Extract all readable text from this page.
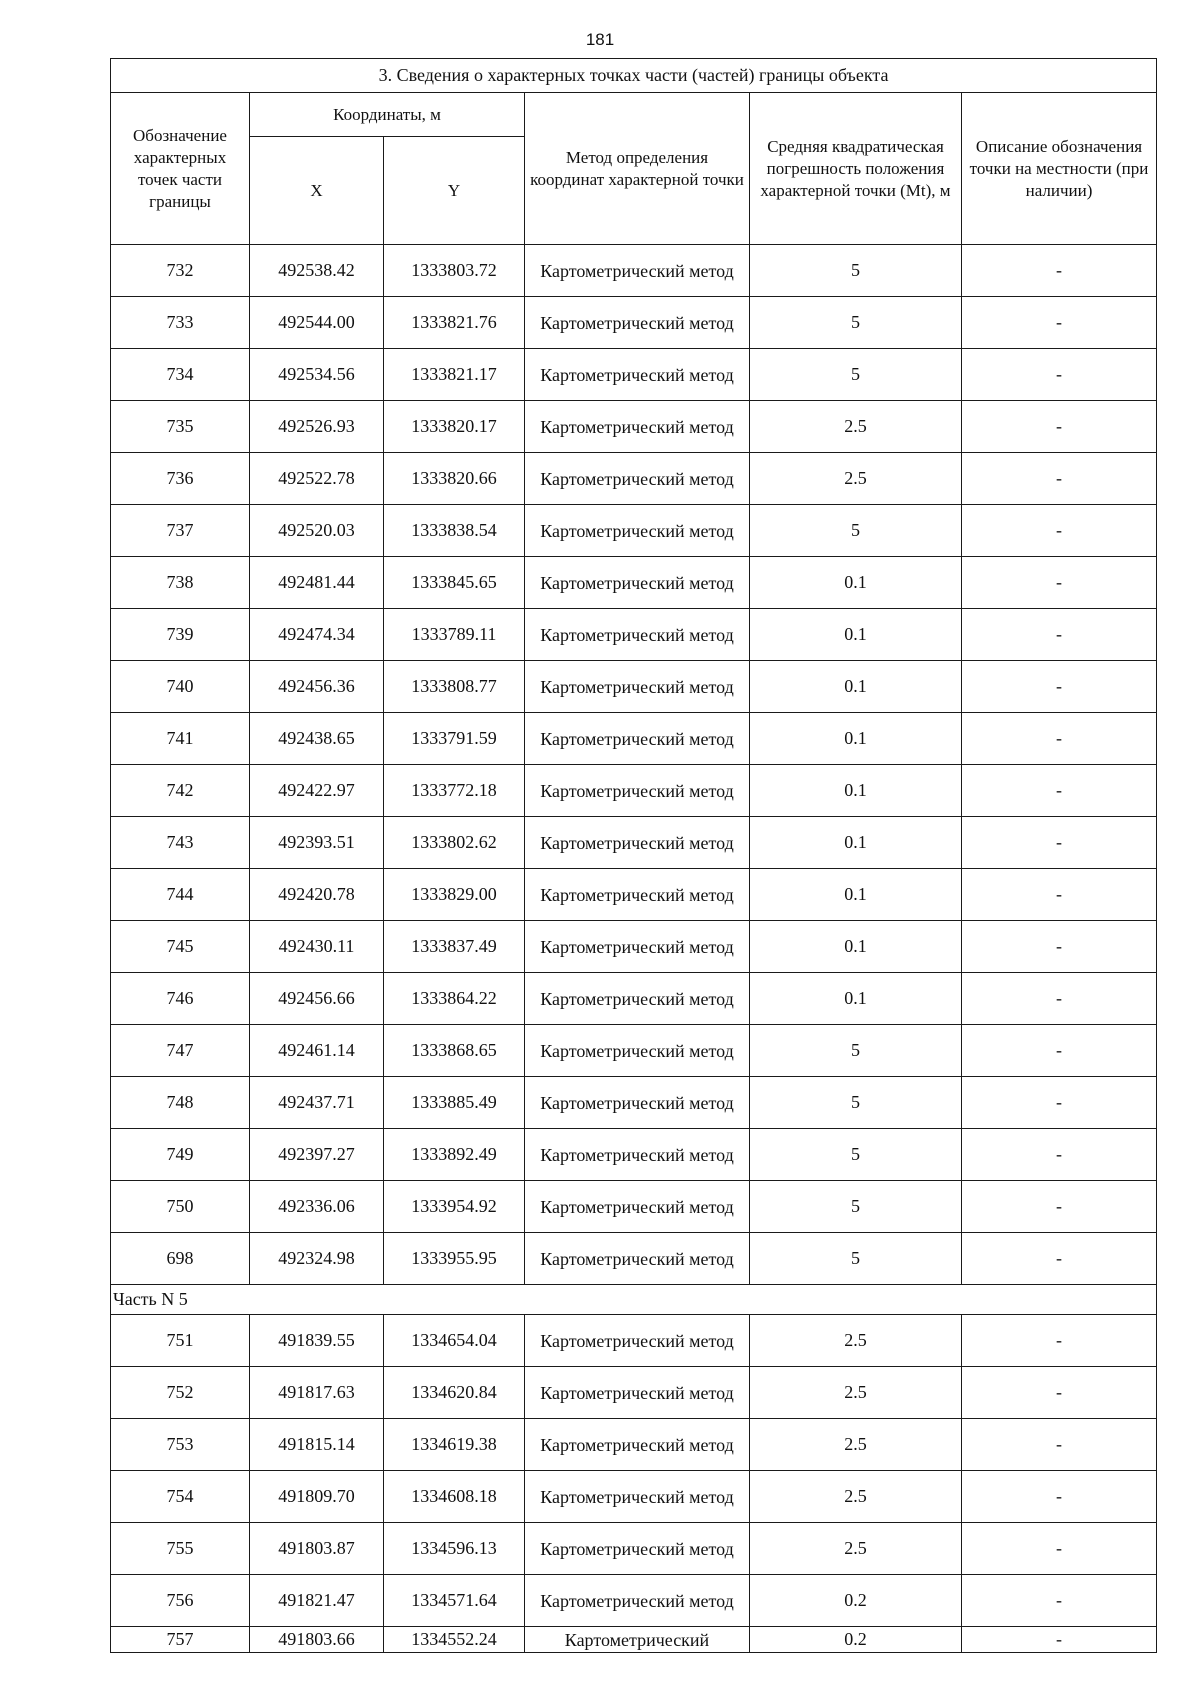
181
3. Сведения о характерных точках части (частей) границы объекта					
Обозначение характерных точек части границы	Координаты, м		Метод определения координат характерной точки	Средняя квадратическая погрешность положения характерной точки (Mt), м	Описание обозначения точки на местности (при наличии)
	X	Y			
732	492538.42	1333803.72	Картометрический метод	5	-
733	492544.00	1333821.76	Картометрический метод	5	-
734	492534.56	1333821.17	Картометрический метод	5	-
735	492526.93	1333820.17	Картометрический метод	2.5	-
736	492522.78	1333820.66	Картометрический метод	2.5	-
737	492520.03	1333838.54	Картометрический метод	5	-
738	492481.44	1333845.65	Картометрический метод	0.1	-
739	492474.34	1333789.11	Картометрический метод	0.1	-
740	492456.36	1333808.77	Картометрический метод	0.1	-
741	492438.65	1333791.59	Картометрический метод	0.1	-
742	492422.97	1333772.18	Картометрический метод	0.1	-
743	492393.51	1333802.62	Картометрический метод	0.1	-
744	492420.78	1333829.00	Картометрический метод	0.1	-
745	492430.11	1333837.49	Картометрический метод	0.1	-
746	492456.66	1333864.22	Картометрический метод	0.1	-
747	492461.14	1333868.65	Картометрический метод	5	-
748	492437.71	1333885.49	Картометрический метод	5	-
749	492397.27	1333892.49	Картометрический метод	5	-
750	492336.06	1333954.92	Картометрический метод	5	-
698	492324.98	1333955.95	Картометрический метод	5	-
Часть N 5					
751	491839.55	1334654.04	Картометрический метод	2.5	-
752	491817.63	1334620.84	Картометрический метод	2.5	-
753	491815.14	1334619.38	Картометрический метод	2.5	-
754	491809.70	1334608.18	Картометрический метод	2.5	-
755	491803.87	1334596.13	Картометрический метод	2.5	-
756	491821.47	1334571.64	Картометрический метод	0.2	-
757	491803.66	1334552.24	Картометрический	0.2	-
